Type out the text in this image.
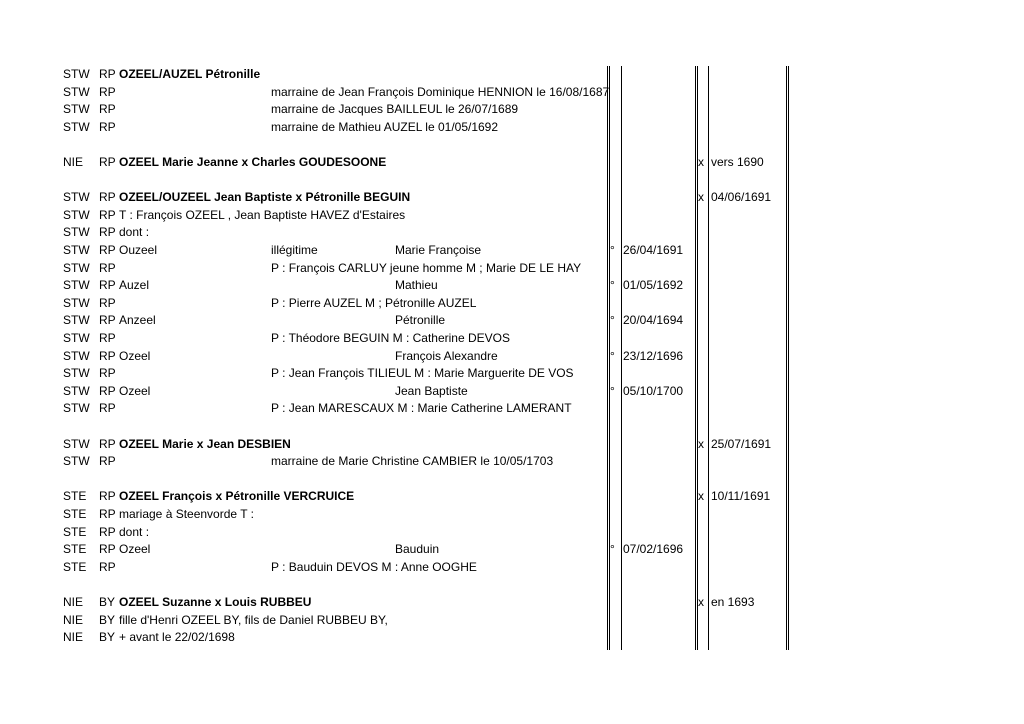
STW RP OZEEL/AUZEL Pétronille
STW RP	marraine de Jean François Dominique HENNION le 16/08/1687
STW RP	marraine de Jacques BAILLEUL le 26/07/1689
STW RP	marraine de Mathieu AUZEL le 01/05/1692
NIE RP OZEEL Marie Jeanne x Charles GOUDESOONE	x vers 1690
STW RP OZEEL/OUZEEL Jean Baptiste x Pétronille BEGUIN	x 04/06/1691
STW RP T : François OZEEL , Jean Baptiste HAVEZ d'Estaires
STW RP dont :
STW RP Ouzeel	illégitime	Marie Françoise	° 26/04/1691
STW RP	P : François CARLUY jeune homme M ; Marie DE LE HAY
STW RP Auzel	Mathieu	° 01/05/1692
STW RP	P : Pierre AUZEL M ; Pétronille AUZEL
STW RP Anzeel	Pétronille	° 20/04/1694
STW RP	P : Théodore BEGUIN M : Catherine DEVOS
STW RP Ozeel	François Alexandre	° 23/12/1696
STW RP	P : Jean François TILIEUL M : Marie Marguerite DE VOS
STW RP Ozeel	Jean Baptiste	° 05/10/1700
STW RP	P : Jean MARESCAUX M : Marie Catherine LAMERANT
STW RP OZEEL Marie x Jean DESBIEN	x 25/07/1691
STW RP	marraine de Marie Christine CAMBIER le 10/05/1703
STE RP OZEEL François x Pétronille VERCRUICE	x 10/11/1691
STE RP mariage à Steenvorde T :
STE RP dont :
STE RP Ozeel	Bauduin	° 07/02/1696
STE RP	P : Bauduin DEVOS M : Anne OOGHE
NIE BY OZEEL Suzanne x Louis RUBBEU	x en 1693
NIE BY fille d'Henri OZEEL BY, fils de Daniel RUBBEU BY,
NIE BY + avant le 22/02/1698
